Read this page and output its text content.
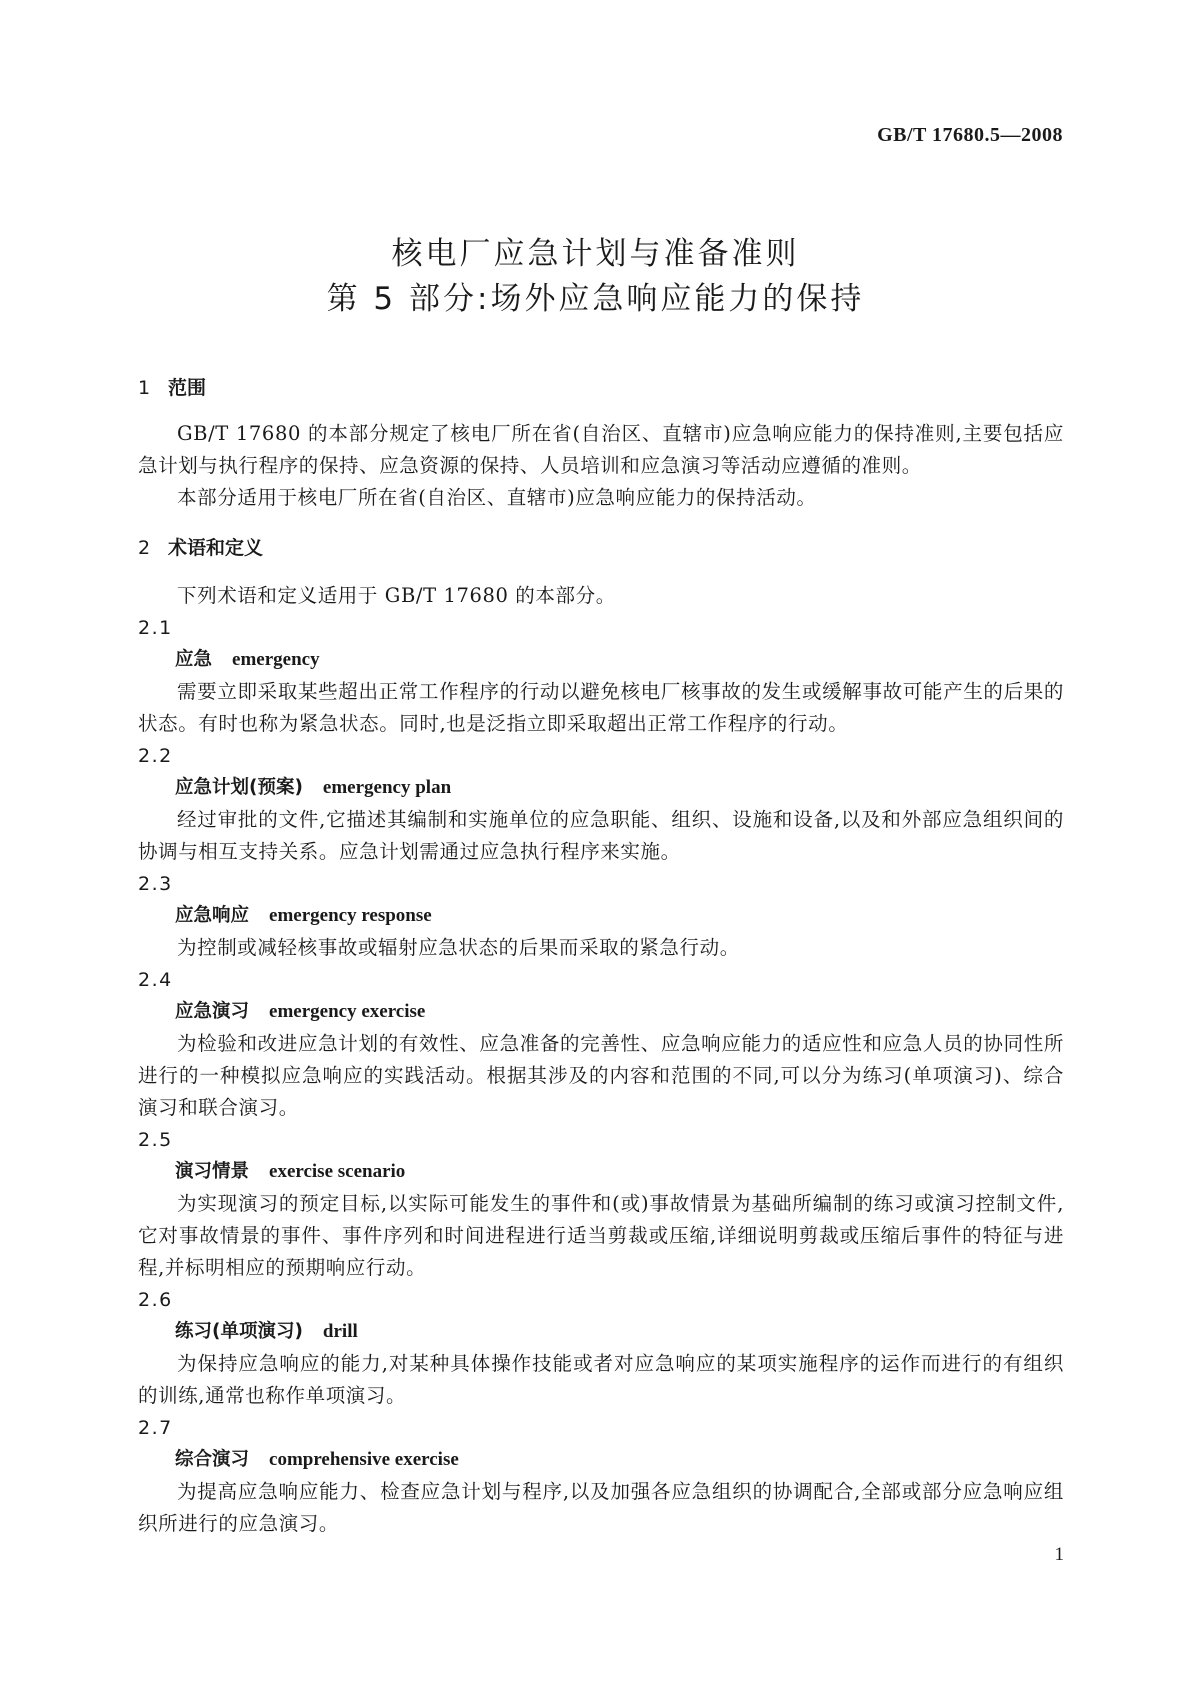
GB/T 17680.5—2008
核电厂应急计划与准备准则
第 5 部分:场外应急响应能力的保持
1 范围

GB/T 17680 的本部分规定了核电厂所在省(自治区、直辖市)应急响应能力的保持准则,主要包括应急计划与执行程序的保持、应急资源的保持、人员培训和应急演习等活动应遵循的准则。

本部分适用于核电厂所在省(自治区、直辖市)应急响应能力的保持活动。

2 术语和定义

下列术语和定义适用于 GB/T 17680 的本部分。

2.1
应急 emergency

需要立即采取某些超出正常工作程序的行动以避免核电厂核事故的发生或缓解事故可能产生的后果的状态。有时也称为紧急状态。同时,也是泛指立即采取超出正常工作程序的行动。

2.2
应急计划(预案) emergency plan

经过审批的文件,它描述其编制和实施单位的应急职能、组织、设施和设备,以及和外部应急组织间的协调与相互支持关系。应急计划需通过应急执行程序来实施。

2.3
应急响应 emergency response

为控制或减轻核事故或辐射应急状态的后果而采取的紧急行动。

2.4
应急演习 emergency exercise

为检验和改进应急计划的有效性、应急准备的完善性、应急响应能力的适应性和应急人员的协同性所进行的一种模拟应急响应的实践活动。根据其涉及的内容和范围的不同,可以分为练习(单项演习)、综合演习和联合演习。

2.5
演习情景 exercise scenario

为实现演习的预定目标,以实际可能发生的事件和(或)事故情景为基础所编制的练习或演习控制文件,它对事故情景的事件、事件序列和时间进程进行适当剪裁或压缩,详细说明剪裁或压缩后事件的特征与进程,并标明相应的预期响应行动。

2.6
练习(单项演习) drill

为保持应急响应的能力,对某种具体操作技能或者对应急响应的某项实施程序的运作而进行的有组织的训练,通常也称作单项演习。

2.7
综合演习 comprehensive exercise

为提高应急响应能力、检查应急计划与程序,以及加强各应急组织的协调配合,全部或部分应急响应组织所进行的应急演习。

1
